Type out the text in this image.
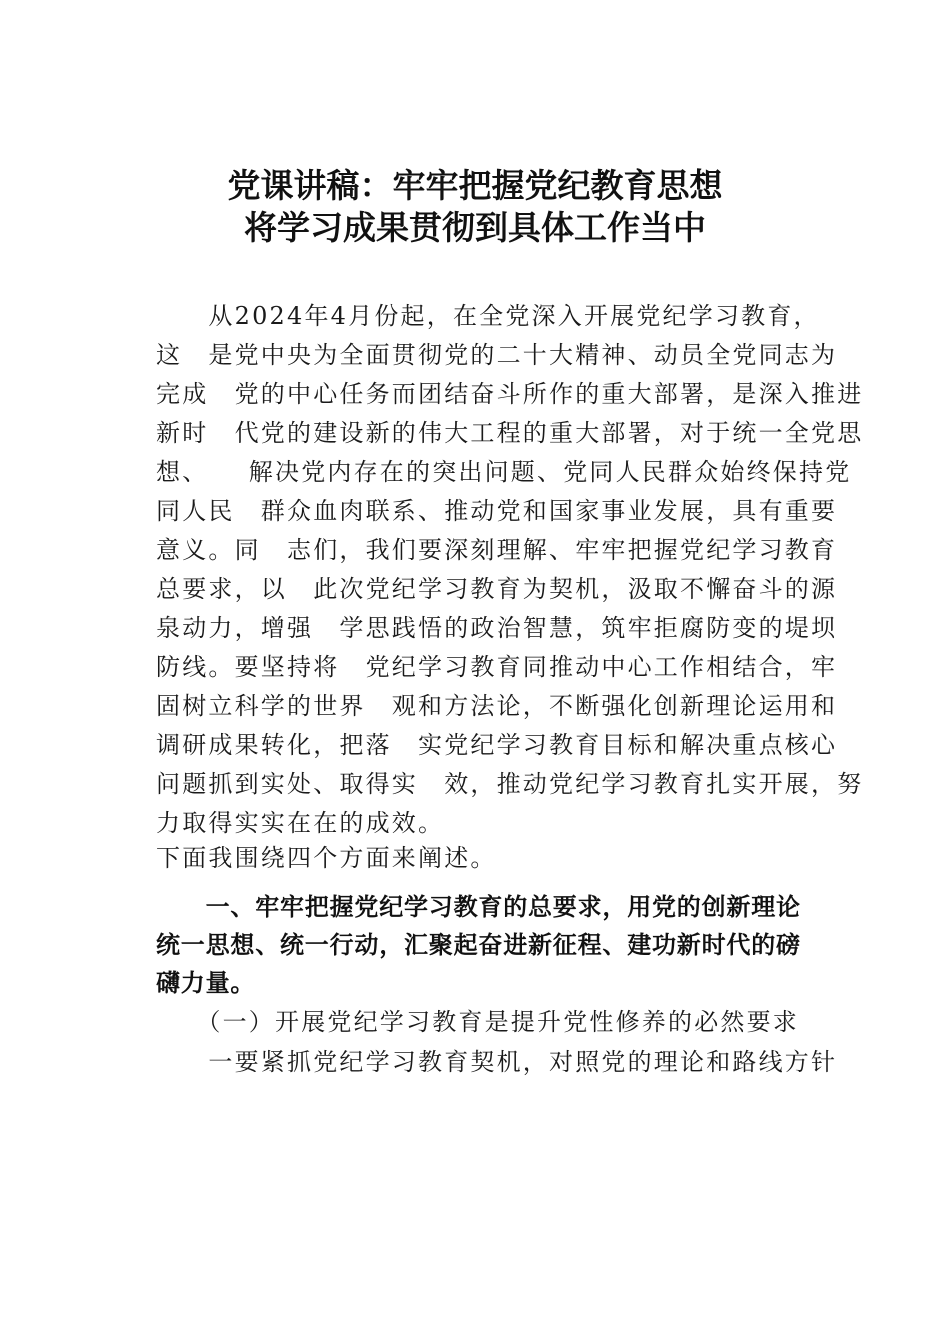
党课讲稿：牢牢把握党纪教育思想
将学习成果贯彻到具体工作当中
　　从2024年4月份起，在全党深入开展党纪学习教育，
这　是党中央为全面贯彻党的二十大精神、动员全党同志为
完成　党的中心任务而团结奋斗所作的重大部署，是深入推进
新时　代党的建设新的伟大工程的重大部署，对于统一全党思
想、　　解决党内存在的突出问题、党同人民群众始终保持党
同人民　群众血肉联系、推动党和国家事业发展，具有重要
意义。同　志们，我们要深刻理解、牢牢把握党纪学习教育
总要求，以　此次党纪学习教育为契机，汲取不懈奋斗的源
泉动力，增强　学思践悟的政治智慧，筑牢拒腐防变的堤坝
防线。要坚持将　党纪学习教育同推动中心工作相结合，牢
固树立科学的世界　观和方法论，不断强化创新理论运用和
调研成果转化，把落　实党纪学习教育目标和解决重点核心
问题抓到实处、取得实　效，推动党纪学习教育扎实开展，努
力取得实实在在的成效。
下面我围绕四个方面来阐述。
　　一、牢牢把握党纪学习教育的总要求，用党的创新理论
统一思想、统一行动，汇聚起奋进新征程、建功新时代的磅
礴力量。
　　（一）开展党纪学习教育是提升党性修养的必然要求
　　一要紧抓党纪学习教育契机，对照党的理论和路线方针
